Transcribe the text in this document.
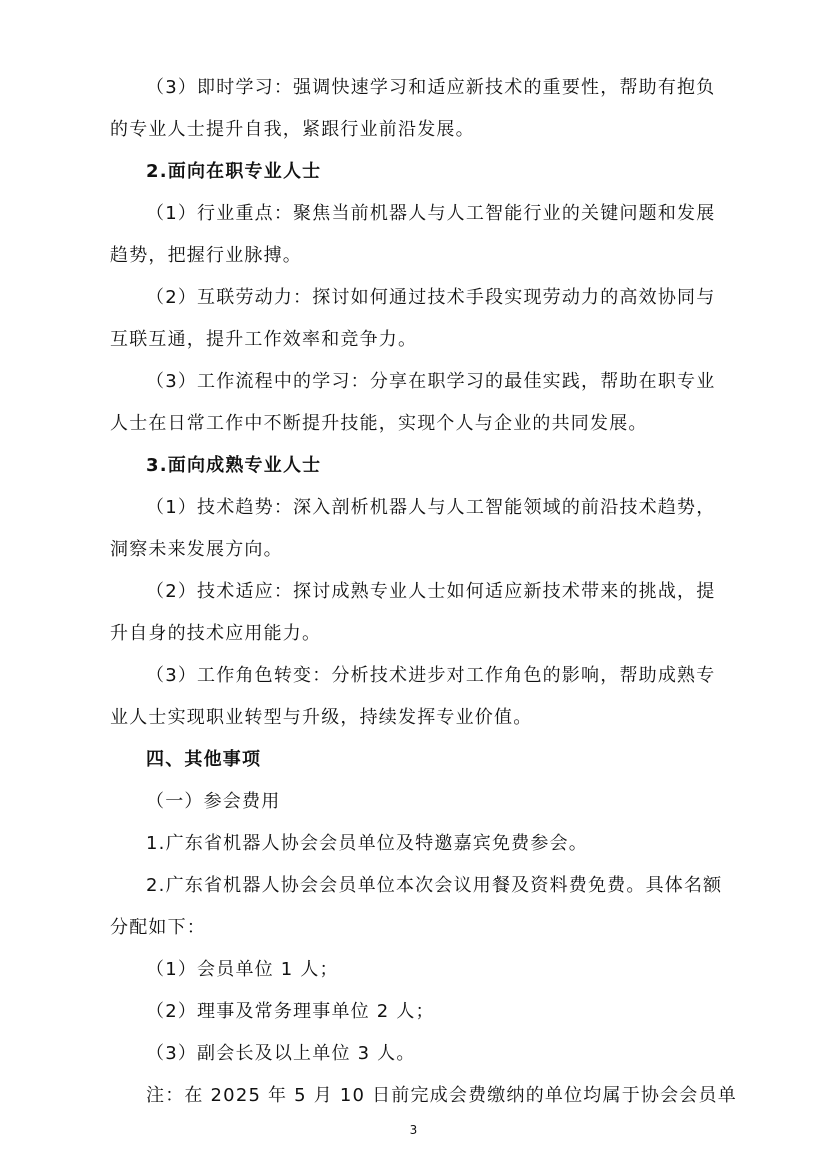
（3）即时学习：强调快速学习和适应新技术的重要性，帮助有抱负
的专业人士提升自我，紧跟行业前沿发展。
2.面向在职专业人士
（1）行业重点：聚焦当前机器人与人工智能行业的关键问题和发展
趋势，把握行业脉搏。
（2）互联劳动力：探讨如何通过技术手段实现劳动力的高效协同与
互联互通，提升工作效率和竞争力。
（3）工作流程中的学习：分享在职学习的最佳实践，帮助在职专业
人士在日常工作中不断提升技能，实现个人与企业的共同发展。
3.面向成熟专业人士
（1）技术趋势：深入剖析机器人与人工智能领域的前沿技术趋势，
洞察未来发展方向。
（2）技术适应：探讨成熟专业人士如何适应新技术带来的挑战，提
升自身的技术应用能力。
（3）工作角色转变：分析技术进步对工作角色的影响，帮助成熟专
业人士实现职业转型与升级，持续发挥专业价值。
四、其他事项
（一）参会费用
1.广东省机器人协会会员单位及特邀嘉宾免费参会。
2.广东省机器人协会会员单位本次会议用餐及资料费免费。具体名额
分配如下：
（1）会员单位 1 人；
（2）理事及常务理事单位 2 人；
（3）副会长及以上单位 3 人。
注：在 2025 年 5 月 10 日前完成会费缴纳的单位均属于协会会员单
3
